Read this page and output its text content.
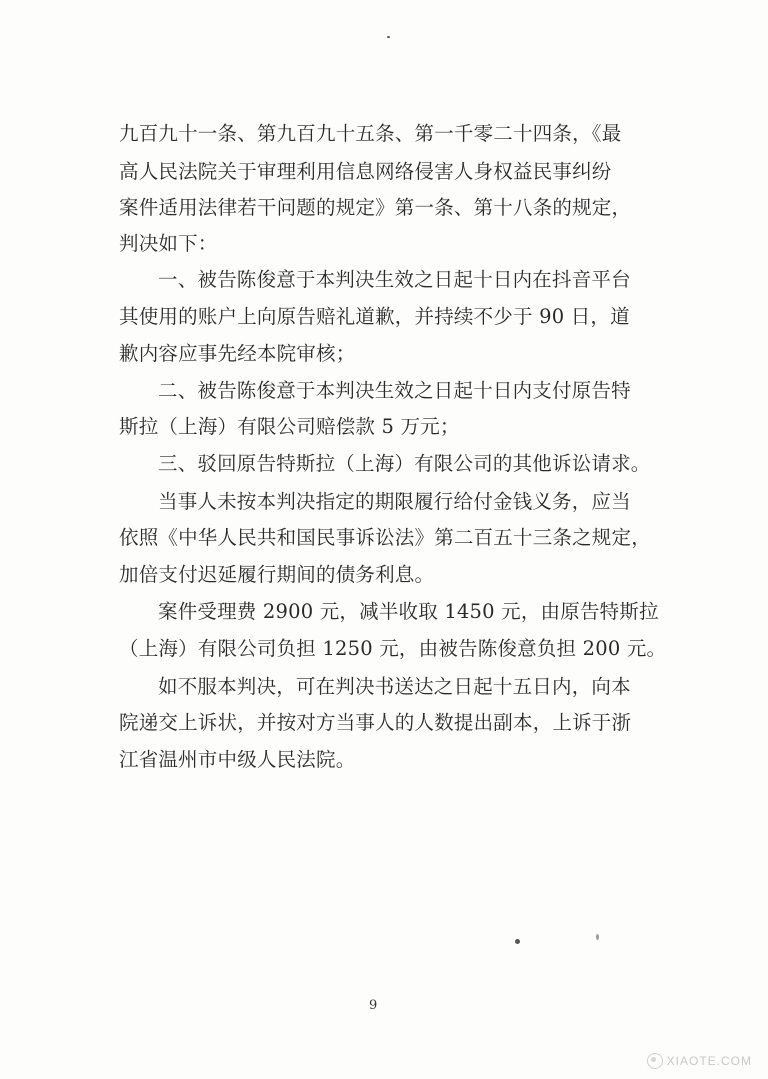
九百九十一条、第九百九十五条、第一千零二十四条，《最
高人民法院关于审理利用信息网络侵害人身权益民事纠纷
案件适用法律若干问题的规定》第一条、第十八条的规定，
判决如下：
一、被告陈俊意于本判决生效之日起十日内在抖音平台
其使用的账户上向原告赔礼道歉，并持续不少于 90 日，道
歉内容应事先经本院审核；
二、被告陈俊意于本判决生效之日起十日内支付原告特
斯拉（上海）有限公司赔偿款 5 万元；
三、驳回原告特斯拉（上海）有限公司的其他诉讼请求。
当事人未按本判决指定的期限履行给付金钱义务，应当
依照《中华人民共和国民事诉讼法》第二百五十三条之规定，
加倍支付迟延履行期间的债务利息。
案件受理费 2900 元，减半收取 1450 元，由原告特斯拉
（上海）有限公司负担 1250 元，由被告陈俊意负担 200 元。
如不服本判决，可在判决书送达之日起十五日内，向本
院递交上诉状，并按对方当事人的人数提出副本，上诉于浙
江省温州市中级人民法院。
9
XIAOTE.COM
